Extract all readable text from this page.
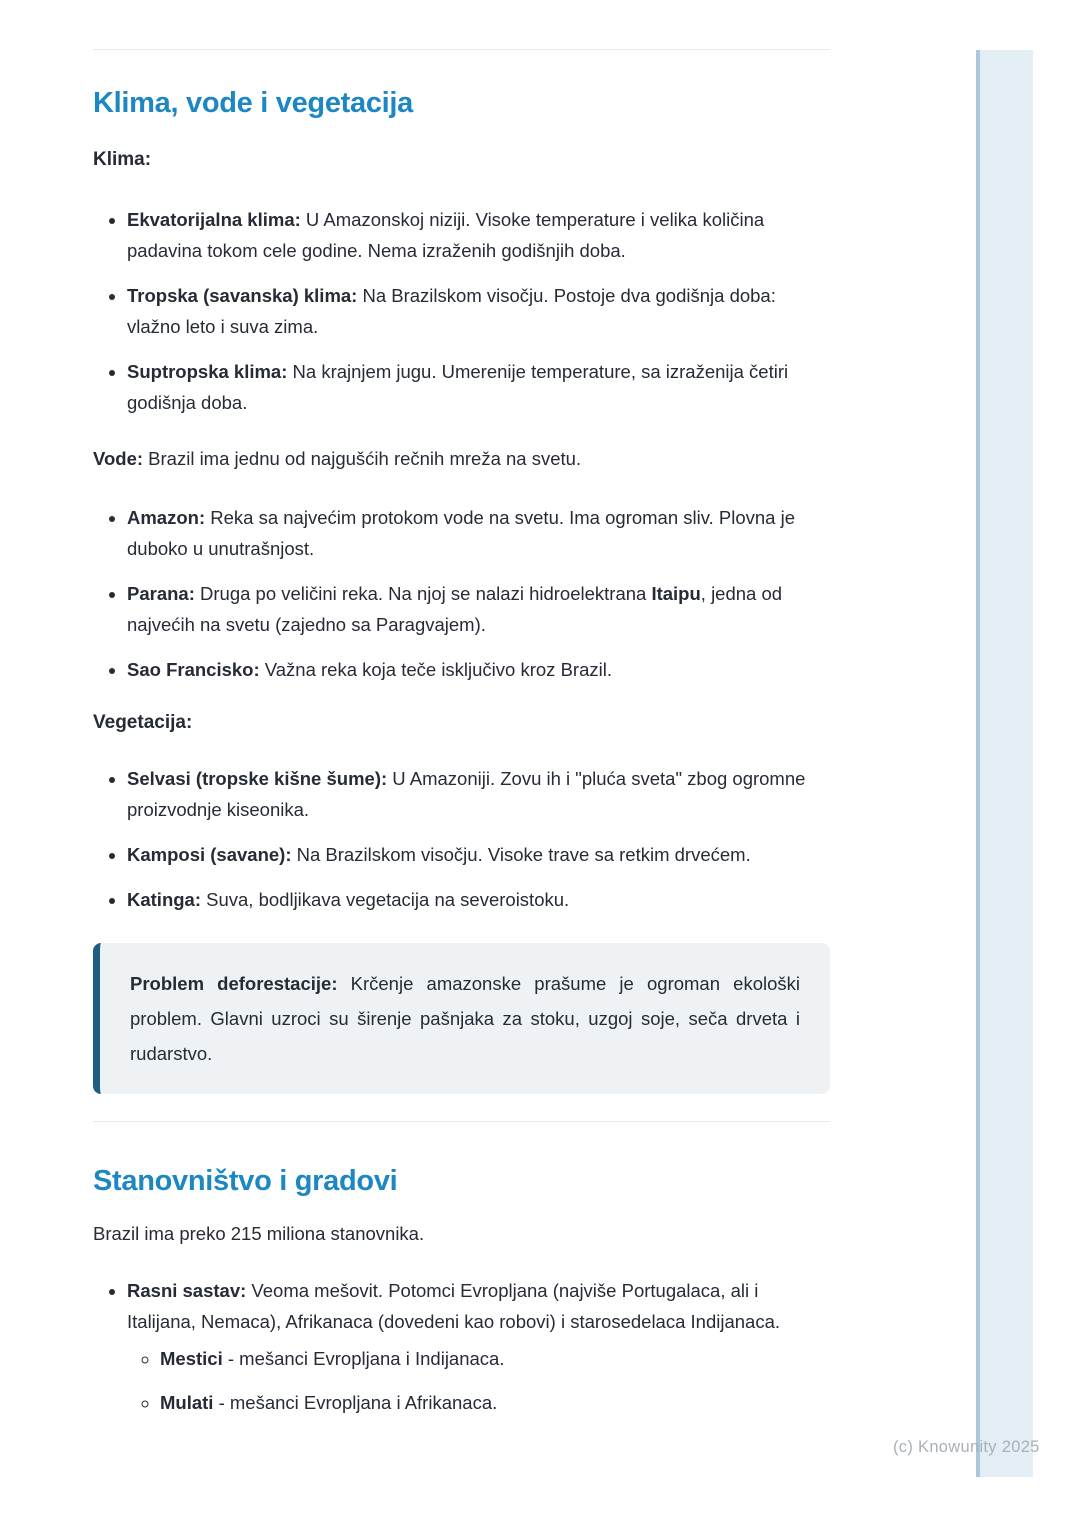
Klima, vode i vegetacija

Klima:

• Ekvatorijalna klima: U Amazonskoj niziji. Visoke temperature i velika količina padavina tokom cele godine. Nema izraženih godišnjih doba.
• Tropska (savanska) klima: Na Brazilskom visočju. Postoje dva godišnja doba: vlažno leto i suva zima.
• Suptropska klima: Na krajnjem jugu. Umerenije temperature, sa izraženija četiri godišnja doba.

Vode: Brazil ima jednu od najgušćih rečnih mreža na svetu.

• Amazon: Reka sa najvećim protokom vode na svetu. Ima ogroman sliv. Plovna je duboko u unutrašnjost.
• Parana: Druga po veličini reka. Na njoj se nalazi hidroelektrana Itaipu, jedna od najvećih na svetu (zajedno sa Paragvajem).
• Sao Francisko: Važna reka koja teče isključivo kroz Brazil.

Vegetacija:

• Selvasi (tropske kišne šume): U Amazoniji. Zovu ih i "pluća sveta" zbog ogromne proizvodnje kiseonika.
• Kamposi (savane): Na Brazilskom visočju. Visoke trave sa retkim drvećem.
• Katinga: Suva, bodljikava vegetacija na severoistoku.

Problem deforestacije: Krčenje amazonske prašume je ogroman ekološki problem. Glavni uzroci su širenje pašnjaka za stoku, uzgoj soje, seča drveta i rudarstvo.

Stanovništvo i gradovi

Brazil ima preko 215 miliona stanovnika.

• Rasni sastav: Veoma mešovit. Potomci Evropljana (najviše Portugalaca, ali i Italijana, Nemaca), Afrikanaca (dovedeni kao robovi) i starosedelaca Indijanaca.
◦ Mestici - mešanci Evropljana i Indijanaca.
◦ Mulati - mešanci Evropljana i Afrikanaca.
(c) Knowunity 2025
